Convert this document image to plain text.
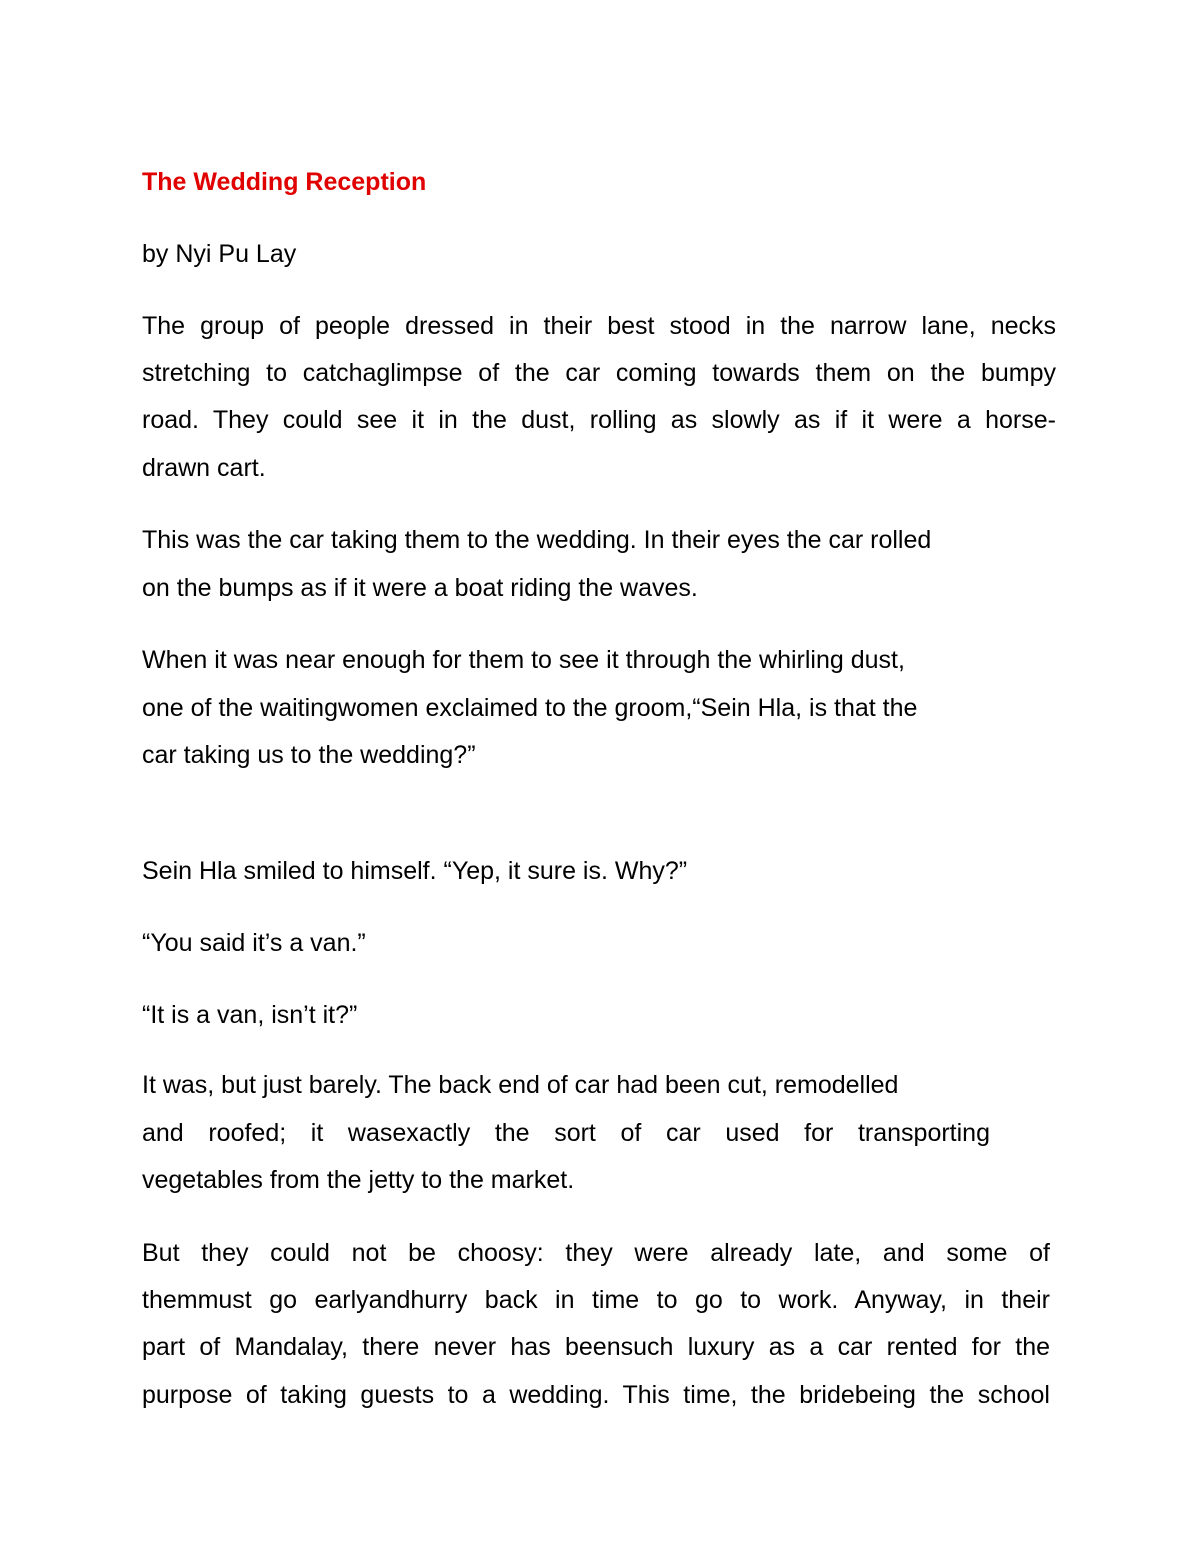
The Wedding Reception
by Nyi Pu Lay
The group of people dressed in their best stood in the narrow lane, necks
stretching to catchaglimpse of the car coming towards them on the bumpy
road. They could see it in the dust, rolling as slowly as if it were a horse-
drawn cart.
This was the car taking them to the wedding. In their eyes the car rolled
on the bumps as if it were a boat riding the waves.
When it was near enough for them to see it through the whirling dust,
one of the waitingwomen exclaimed to the groom,“Sein Hla, is that the
car taking us to the wedding?”
Sein Hla smiled to himself. “Yep, it sure is. Why?”
“You said it’s a van.”
“It is a van, isn’t it?”
It was, but just barely. The back end of car had been cut, remodelled
and roofed; it wasexactly the sort of car used for transporting
vegetables from the jetty to the market.
But they could not be choosy: they were already late, and some of
themmust go earlyandhurry back in time to go to work. Anyway, in their
part of Mandalay, there never has beensuch luxury as a car rented for the
purpose of taking guests to a wedding. This time, the bridebeing the school
